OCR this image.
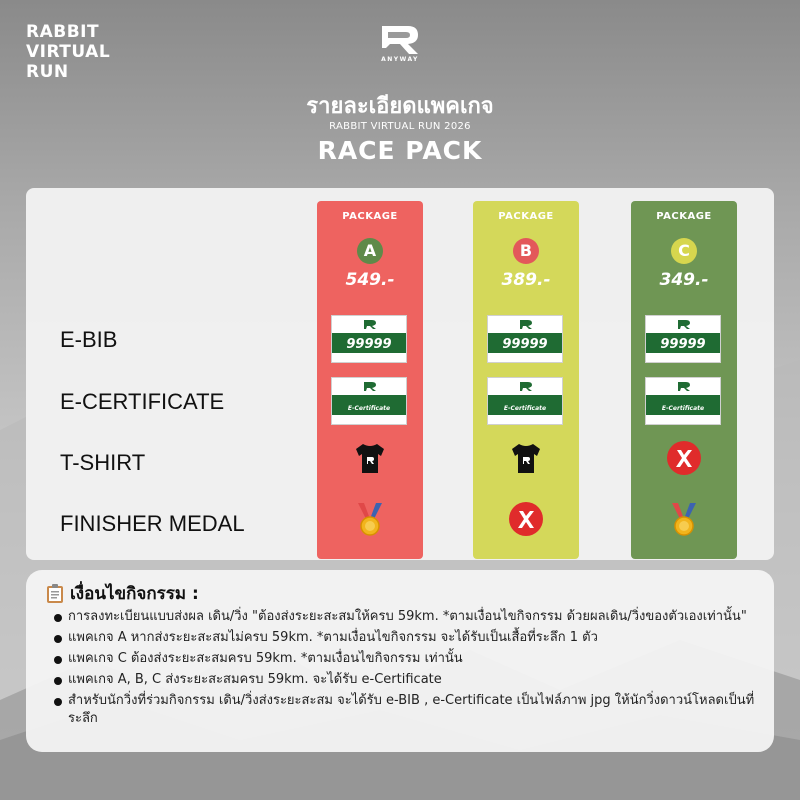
RABBIT
VIRTUAL
RUN
ANYWAY
รายละเอียดแพคเกจ
RABBIT VIRTUAL RUN 2026
RACE PACK
E-BIB
E-CERTIFICATE
T-SHIRT
FINISHER MEDAL
PACKAGE
A
549.-
99999
E-Certificate
PACKAGE
B
389.-
99999
E-Certificate
PACKAGE
C
349.-
99999
E-Certificate
เงื่อนไขกิจกรรม :
การลงทะเบียนแบบส่งผล เดิน/วิ่ง "ต้องส่งระยะสะสมให้ครบ 59km. *ตามเงื่อนไขกิจกรรม ด้วยผลเดิน/วิ่งของตัวเองเท่านั้น"
แพคเกจ A หากส่งระยะสะสมไม่ครบ 59km. *ตามเงื่อนไขกิจกรรม จะได้รับเป็นเสื้อที่ระลึก 1 ตัว
แพคเกจ C ต้องส่งระยะสะสมครบ 59km. *ตามเงื่อนไขกิจกรรม เท่านั้น
แพคเกจ A, B, C ส่งระยะสะสมครบ 59km. จะได้รับ e-Certificate
สำหรับนักวิ่งที่ร่วมกิจกรรม เดิน/วิ่งส่งระยะสะสม จะได้รับ e-BIB , e-Certificate เป็นไฟล์ภาพ jpg ให้นักวิ่งดาวน์โหลดเป็นที่ระลึก
